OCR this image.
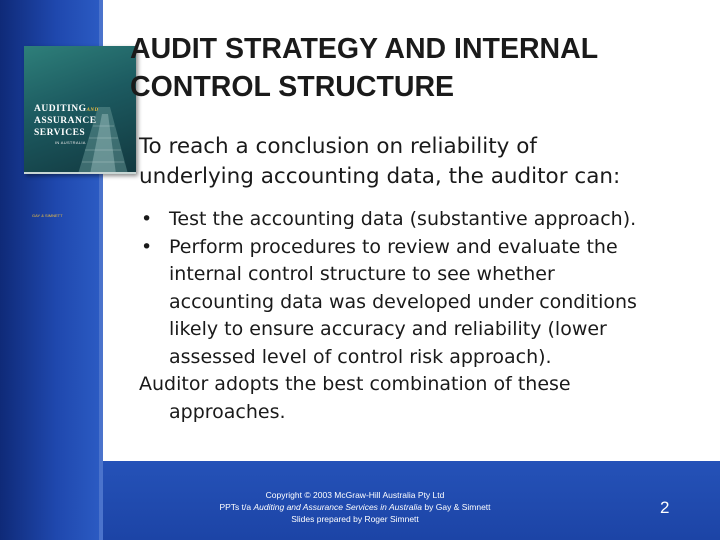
AUDITINGAND
ASSURANCE
SERVICES
IN AUSTRALIA
GAY & SIMNETT
AUDIT STRATEGY AND INTERNAL
CONTROL STRUCTURE
To reach a conclusion on reliability of
underlying accounting data, the auditor can:
• Test the accounting data (substantive approach).
• Perform procedures to review and evaluate the
internal control structure to see whether
accounting data was developed under conditions
likely to ensure accuracy and reliability (lower
assessed level of control risk approach).
Auditor adopts the best combination of these
approaches.
Copyright © 2003 McGraw-Hill Australia Pty Ltd
PPTs t/a Auditing and Assurance Services in Australia by Gay & Simnett
Slides prepared by Roger Simnett
2
